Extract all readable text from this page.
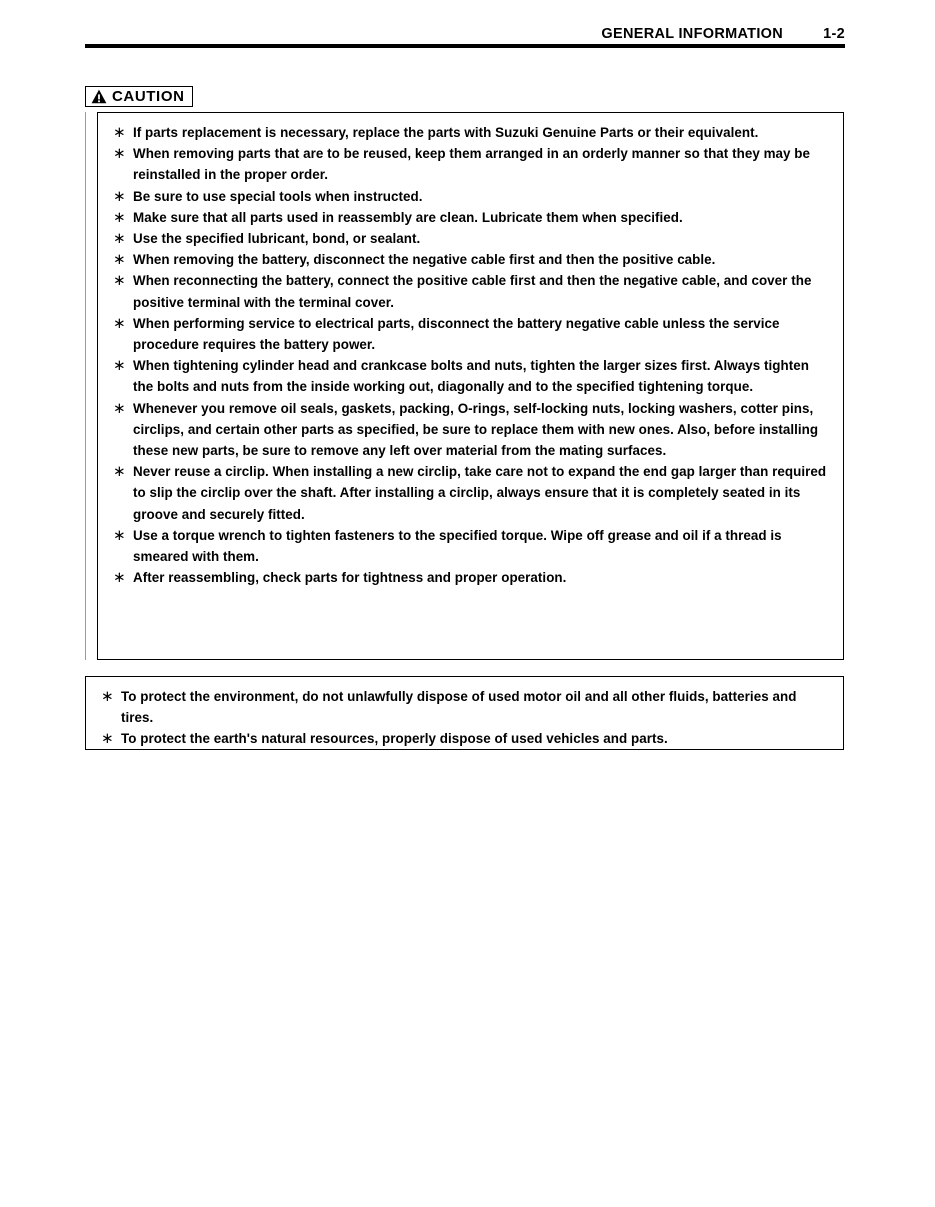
GENERAL INFORMATION	1-2
CAUTION
∗ If parts replacement is necessary, replace the parts with Suzuki Genuine Parts or their equivalent.
∗ When removing parts that are to be reused, keep them arranged in an orderly manner so that they may be reinstalled in the proper order.
∗ Be sure to use special tools when instructed.
∗ Make sure that all parts used in reassembly are clean. Lubricate them when specified.
∗ Use the specified lubricant, bond, or sealant.
∗ When removing the battery, disconnect the negative cable first and then the positive cable.
∗ When reconnecting the battery, connect the positive cable first and then the negative cable, and cover the positive terminal with the terminal cover.
∗ When performing service to electrical parts, disconnect the battery negative cable unless the service procedure requires the battery power.
∗ When tightening cylinder head and crankcase bolts and nuts, tighten the larger sizes first. Always tighten the bolts and nuts from the inside working out, diagonally and to the specified tightening torque.
∗ Whenever you remove oil seals, gaskets, packing, O-rings, self-locking nuts, locking washers, cotter pins, circlips, and certain other parts as specified, be sure to replace them with new ones. Also, before installing these new parts, be sure to remove any left over material from the mating surfaces.
∗ Never reuse a circlip. When installing a new circlip, take care not to expand the end gap larger than required to slip the circlip over the shaft. After installing a circlip, always ensure that it is completely seated in its groove and securely fitted.
∗ Use a torque wrench to tighten fasteners to the specified torque. Wipe off grease and oil if a thread is smeared with them.
∗ After reassembling, check parts for tightness and proper operation.
∗ To protect the environment, do not unlawfully dispose of used motor oil and all other fluids, batteries and tires.
∗ To protect the earth's natural resources, properly dispose of used vehicles and parts.
